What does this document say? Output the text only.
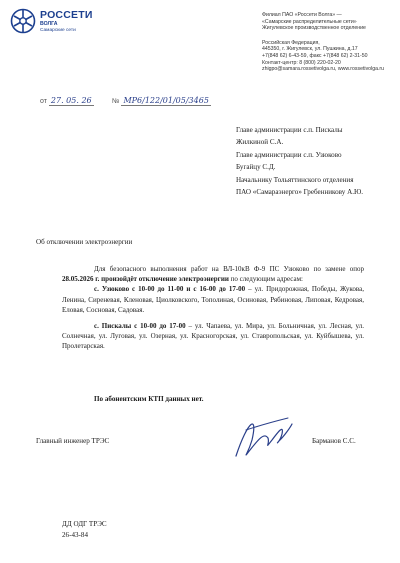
РОССЕТИ
ВОЛГА
Самарские сети
Филиал ПАО «Россети Волга» —
«Самарские распределительные сети»
Жигулевское производственное отделение
Российская Федерация,
445350, г. Жигулевск, ул. Пушкина, д.17
+7(848 62) 6-43-59, факс +7(848 62) 2-31-50
Контакт-центр: 8 (800) 220-02-20
zhigpo@samara.rossetivolga.ru, www.rossetivolga.ru
от 27. 05. 26	№ МР6/122/01/05/3465
Главе администрации с.п. Пискалы
Жилкиной С.А.
Главе администрации с.п. Узюково
Бугайцу С.Д.
Начальнику Тольяттинского отделения
ПАО «Самараэнерго» Гребенникову А.Ю.
Об отключении электроэнергии

Для безопасного выполнения работ на ВЛ-10кВ Ф-9 ПС Узюково по замене опор 28.05.2026 г. произойдёт отключение электроэнергии по следующим адресам:

с. Узюково с 10-00 до 11-00 и с 16-00 до 17-00 – ул. Придорожная, Победы, Жукова, Ленина, Сиреневая, Кленовая, Циолковского, Тополиная, Осиновая, Рябиновая, Липовая, Кедровая, Еловая, Сосновая, Садовая.

с. Пискалы с 10-00 до 17-00 – ул. Чапаева, ул. Мира, ул. Больничная, ул. Лесная, ул. Солнечная, ул. Луговая, ул. Озерная, ул. Красногорская, ул. Ставропольская, ул. Куйбышева, ул. Пролетарская.

По абонентским КТП данных нет.
Главный инженер ТРЭС	Барманов С.С.
ДД ОДГ ТРЭС
26-43-84
